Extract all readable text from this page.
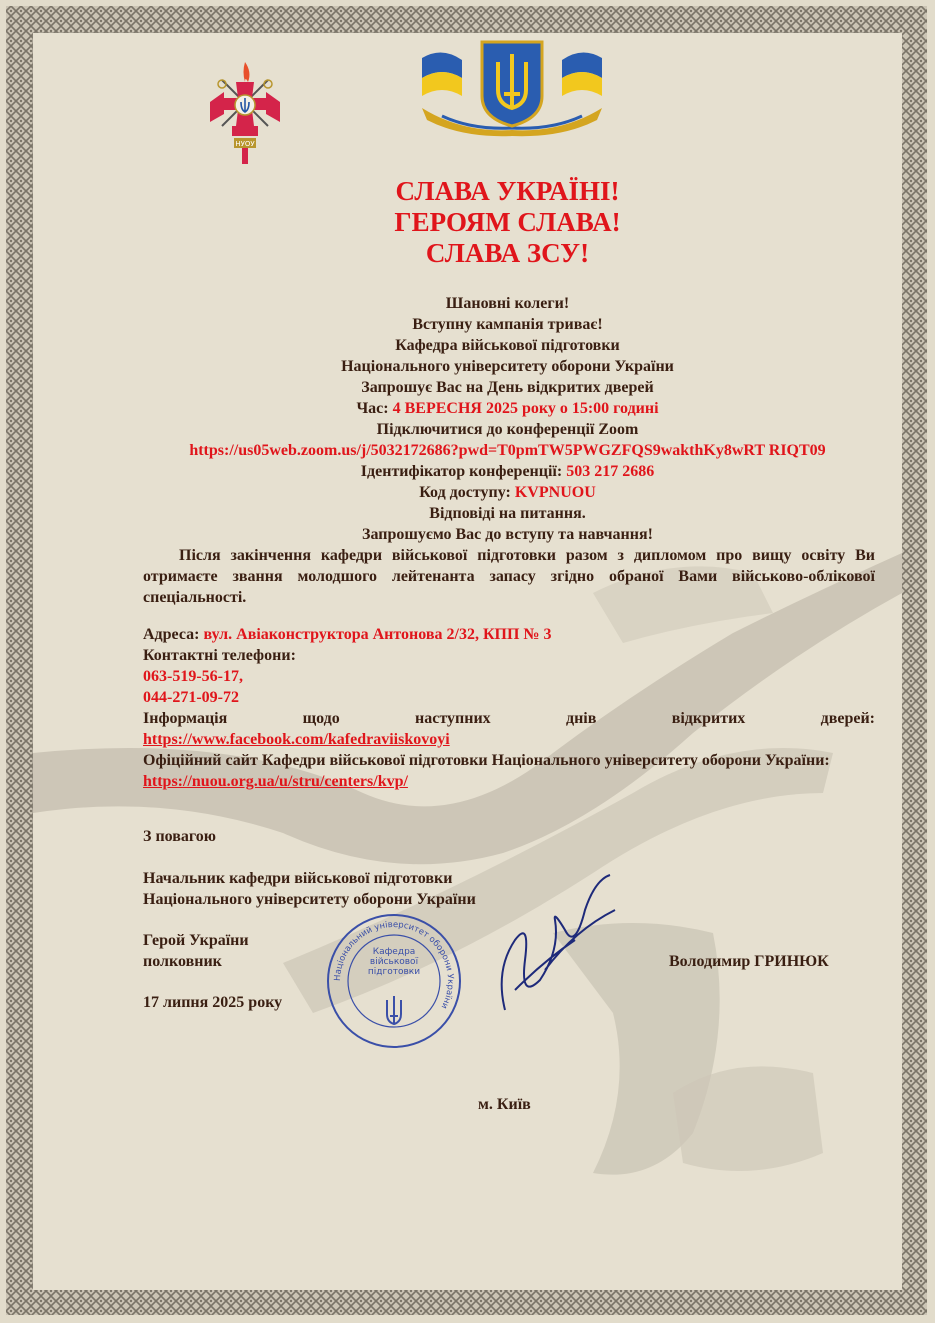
НУОУ
СЛАВА УКРАЇНІ!
ГЕРОЯМ СЛАВА!
СЛАВА ЗСУ!
Шановні колеги!
Вступну кампанія триває!
Кафедра військової підготовки
Національного університету оборони України
Запрошує Вас на День відкритих дверей
Час: 4 ВЕРЕСНЯ 2025 року о 15:00 годині
Підключитися до конференції Zoom
https://us05web.zoom.us/j/5032172686?pwd=T0pmTW5PWGZFQS9wakthKy8wRT RIQT09
Ідентифікатор конференції: 503 217 2686
Код доступу: KVPNUOU
Відповіді на питання.
Запрошуємо Вас до вступу та навчання!
Після закінчення кафедри військової підготовки разом з дипломом про вищу освіту Ви отримаєте звання молодшого лейтенанта запасу згідно обраної Вами військово-облікової спеціальності.
Адреса: вул. Авіаконструктора Антонова 2/32, КПП № 3
Контактні телефони:
063-519-56-17,
044-271-09-72
Інформація	щодо	наступних	днів	відкритих	дверей:
https://www.facebook.com/kafedraviiskovoyi
Офіційний сайт Кафедри військової підготовки Національного університету оборони України:
https://nuou.org.ua/u/stru/centers/kvp/
З повагою
Начальник кафедри військової підготовки
Національного університету оборони України
Герой України
полковник	Володимир ГРИНЮК
17 липня 2025 року
Національний університет оборони України
Кафедра
військової
підготовки
м. Київ
